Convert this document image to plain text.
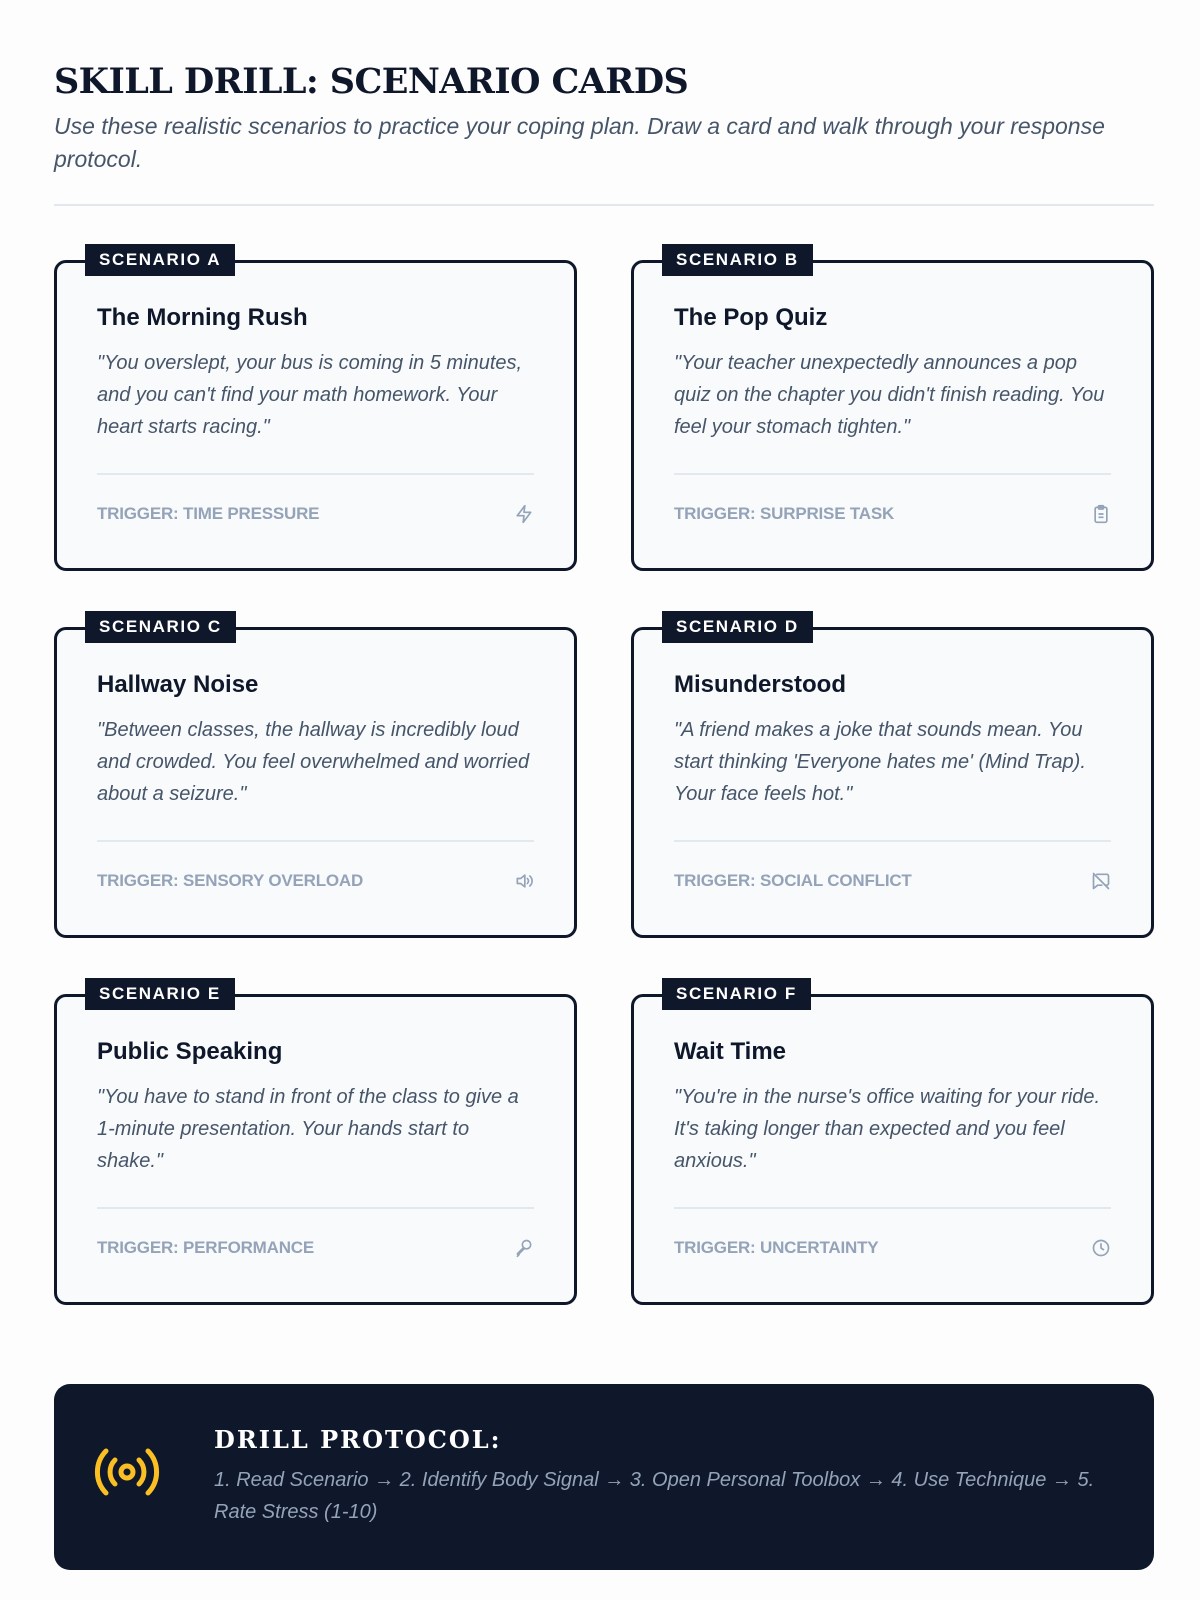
SKILL DRILL: SCENARIO CARDS

Use these realistic scenarios to practice your coping plan. Draw a card and walk through your response protocol.

SCENARIO A
The Morning Rush

"You overslept, your bus is coming in 5 minutes, and you can't find your math homework. Your heart starts racing."

TRIGGER: TIME PRESSURE
SCENARIO B
The Pop Quiz

"Your teacher unexpectedly announces a pop quiz on the chapter you didn't finish reading. You feel your stomach tighten."

TRIGGER: SURPRISE TASK
SCENARIO C
Hallway Noise

"Between classes, the hallway is incredibly loud and crowded. You feel overwhelmed and worried about a seizure."

TRIGGER: SENSORY OVERLOAD
SCENARIO D
Misunderstood

"A friend makes a joke that sounds mean. You start thinking 'Everyone hates me' (Mind Trap). Your face feels hot."

TRIGGER: SOCIAL CONFLICT
SCENARIO E
Public Speaking

"You have to stand in front of the class to give a 1-minute presentation. Your hands start to shake."

TRIGGER: PERFORMANCE
SCENARIO F
Wait Time

"You're in the nurse's office waiting for your ride. It's taking longer than expected and you feel anxious."

TRIGGER: UNCERTAINTY
DRILL PROTOCOL:
1. Read Scenario → 2. Identify Body Signal → 3. Open Personal Toolbox → 4. Use Technique → 5. Rate Stress (1-10)
